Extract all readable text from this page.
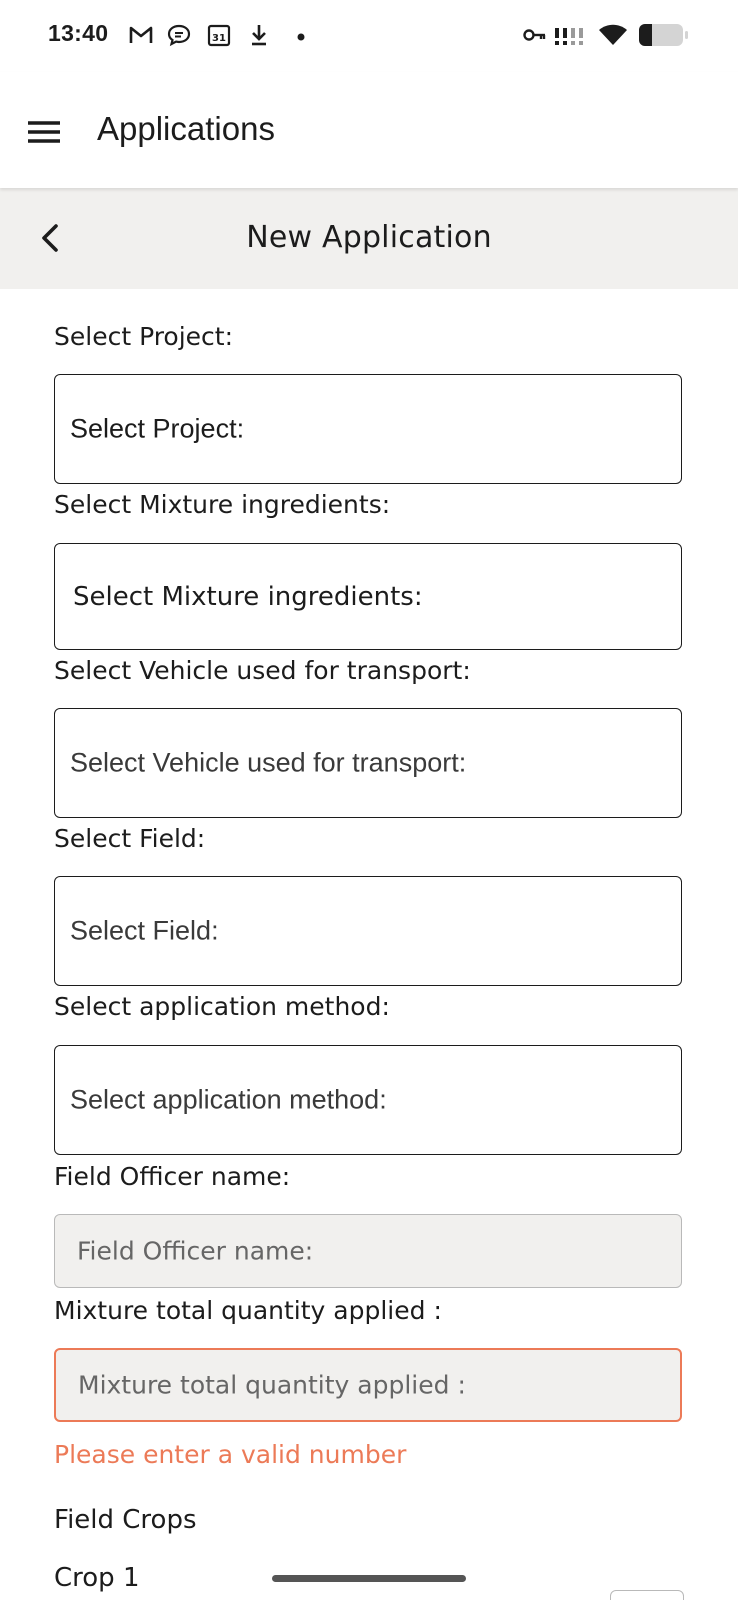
13:40	31
Applications
New Application
Select Project:
Select Project:
Select Mixture ingredients:
Select Mixture ingredients:
Select Vehicle used for transport:
Select Vehicle used for transport:
Select Field:
Select Field:
Select application method:
Select application method:
Field Officer name:
Field Officer name:
Mixture total quantity applied :
Mixture total quantity applied :
Please enter a valid number
Field Crops
Crop 1
